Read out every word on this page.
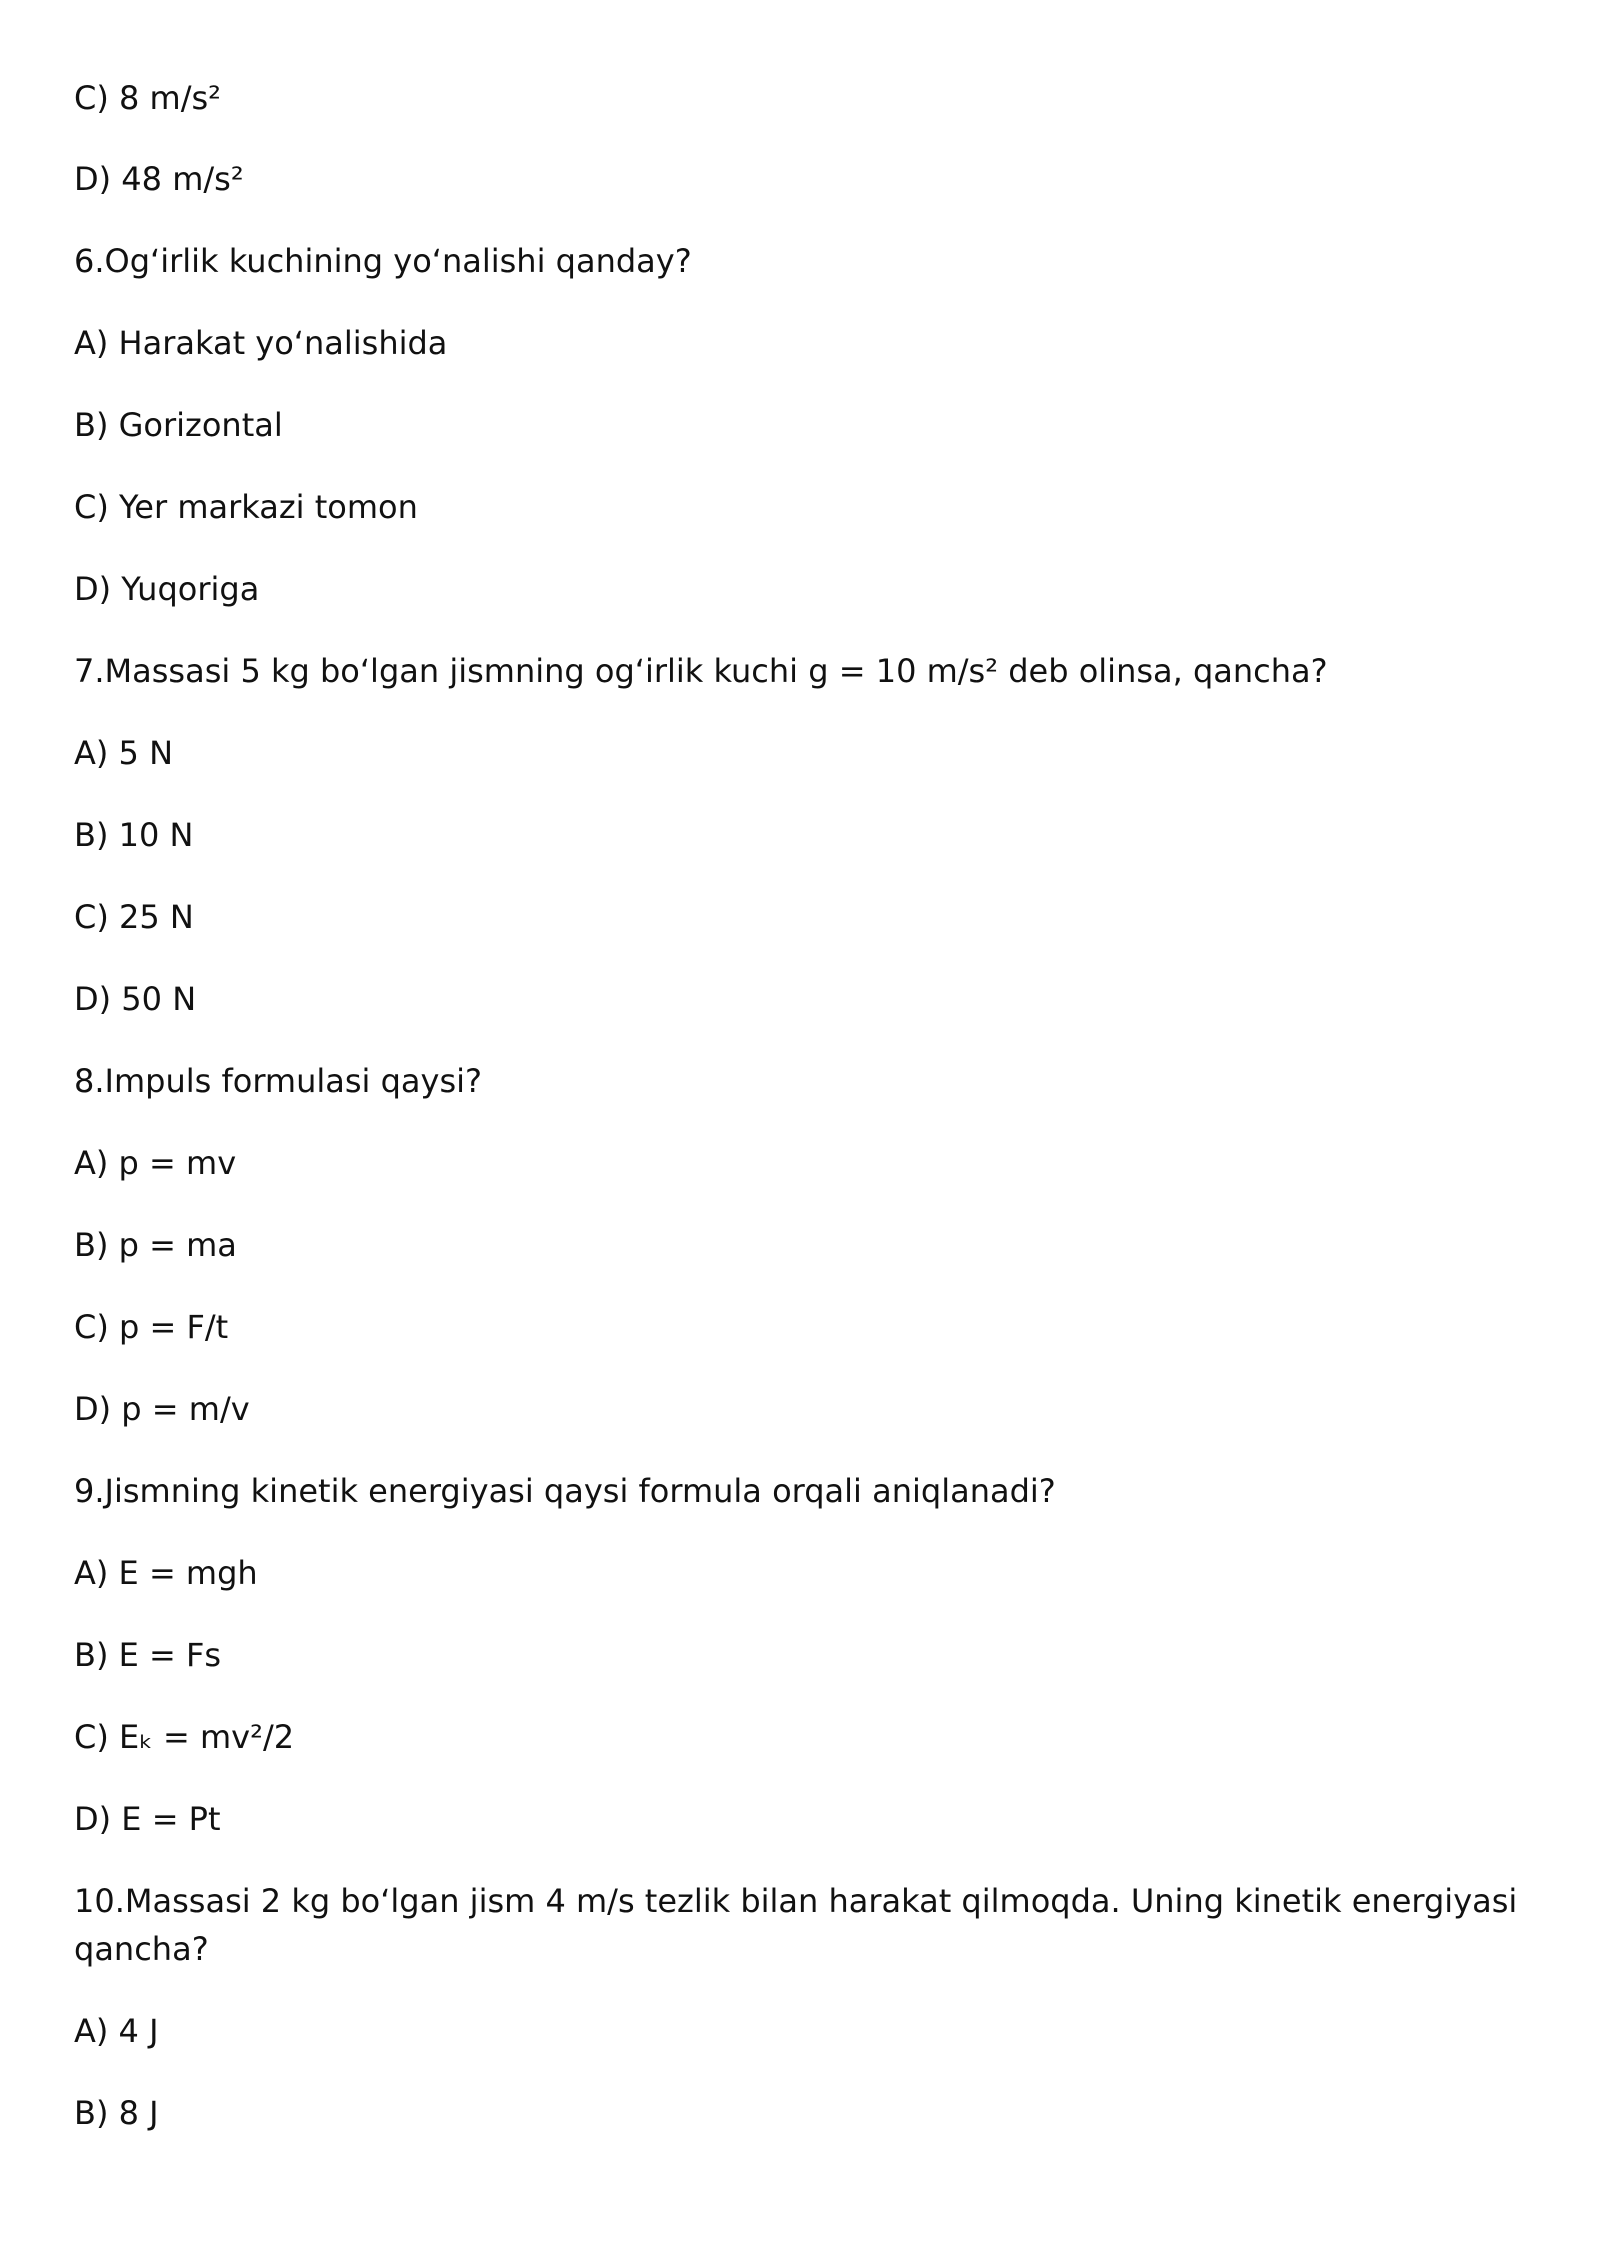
C) 8 m/s²

D) 48 m/s²

6.Og‘irlik kuchining yo‘nalishi qanday?

A) Harakat yo‘nalishida

B) Gorizontal

C) Yer markazi tomon

D) Yuqoriga

7.Massasi 5 kg bo‘lgan jismning og‘irlik kuchi g = 10 m/s² deb olinsa, qancha?

A) 5 N

B) 10 N

C) 25 N

D) 50 N

8.Impuls formulasi qaysi?

A) p = mv

B) p = ma

C) p = F/t

D) p = m/v

9.Jismning kinetik energiyasi qaysi formula orqali aniqlanadi?

A) E = mgh

B) E = Fs

C) Eₖ = mv²/2

D) E = Pt

10.Massasi 2 kg bo‘lgan jism 4 m/s tezlik bilan harakat qilmoqda. Uning kinetik energiyasi

qancha?

A) 4 J

B) 8 J
